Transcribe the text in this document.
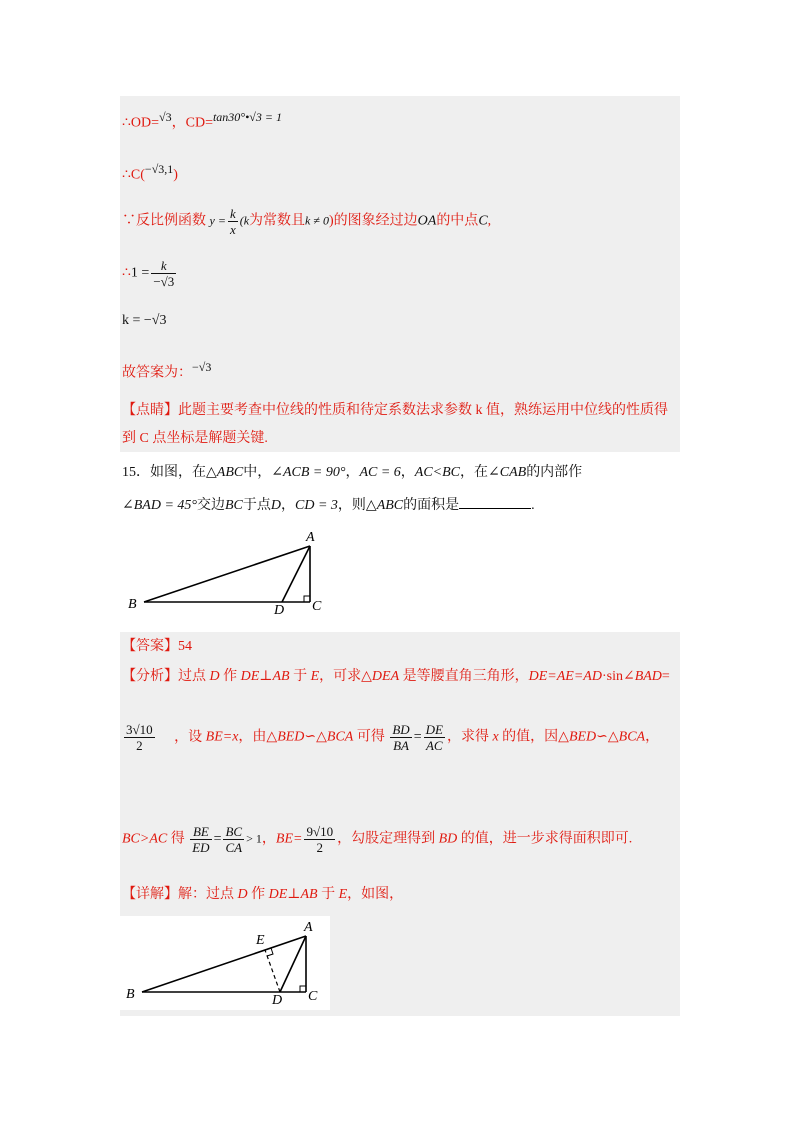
∴OD=$^{√3}$，CD=$^{tan30^\circ•√3 = 1}$
∴C($^{-√3,1}$)
∵反比例函数 $y = \frac{k}{x} (k$为常数且k ≠ 0)的图象经过边OA的中点C,
∴1 = $\frac{k}{-√3}$
k = −√3
故答案为：$^{-√3}$
【点睛】此题主要考查中位线的性质和待定系数法求参数 k 值，熟练运用中位线的性质得
到 C 点坐标是解题关键.
15．如图，在△ABC中，∠ACB = 90°，AC = 6，AC<BC，在∠CAB的内部作
∠BAD = 45°交边BC于点D，CD = 3，则△ABC的面积是	.
A
B	C
D
【答案】54
【分析】过点 D 作 DE⊥AB 于 E，可求△DEA 是等腰直角三角形，DE=AE=AD·sin∠BAD=
$\frac{3√10}{2}$ ，设 BE=x，由△BED∽△BCA 可得 $\frac{BD}{BA} = \frac{DE}{AC}$ ，求得 x 的值，因△BED∽△BCA，
BC>AC 得 $\frac{BE}{ED} = \frac{BC}{CA} > 1$，$BE= \frac{9√10}{2}$ ，勾股定理得到 BD 的值，进一步求得面积即可.
【详解】解：过点 D 作 DE⊥AB 于 E，如图，
A
B	C
D
E
